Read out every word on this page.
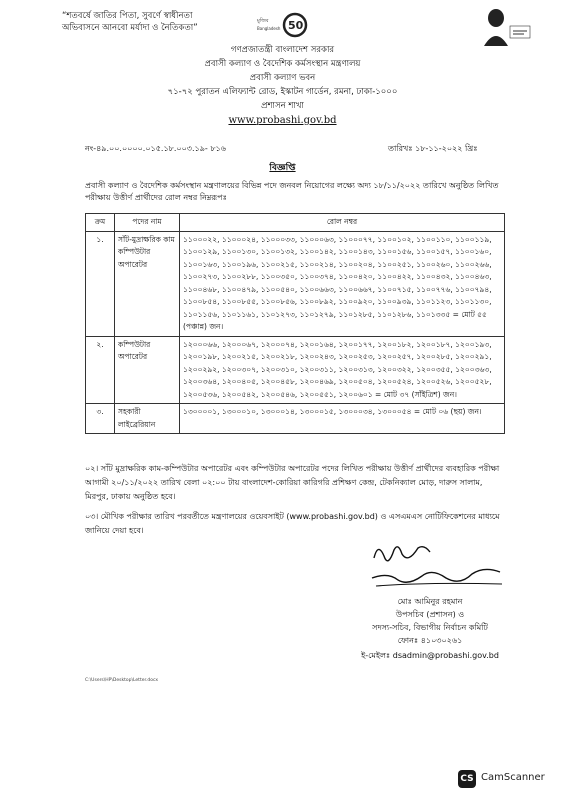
“শতবর্ষে জাতির পিতা, সুবর্ণে স্বাধীনতা
অভিবাসনে আনবো মর্যাদা ও নৈতিকতা”
মুজিব
Bangladesh 50
গণপ্রজাতন্ত্রী বাংলাদেশ সরকার
প্রবাসী কল্যাণ ও বৈদেশিক কর্মসংস্থান মন্ত্রণালয়
প্রবাসী কল্যাণ ভবন
৭১-৭২ পুরাতন এলিফ্যান্ট রোড, ইস্কাটন গার্ডেন, রমনা, ঢাকা-১০০০
প্রশাসন শাখা
www.probashi.gov.bd
নং-৪৯.০০.০০০০.০১৫.১৮.০০৩.১৯- ৮১৬	তারিখঃ ১৮-১১-২০২২ খ্রিঃ
বিজ্ঞপ্তি
প্রবাসী কল্যাণ ও বৈদেশিক কর্মসংস্থান মন্ত্রণালয়ের বিভিন্ন পদে জনবল নিয়োগের লক্ষ্যে অদ্য ১৮/১১/২০২২ তারিখে অনুষ্ঠিত লিখিত পরীক্ষায় উত্তীর্ণ প্রার্থীদের রোল নম্বর নিম্নরূপঃ
ক্রম	পদের নাম	রোল নম্বর
১.	সাঁট-মুদ্রাক্ষরিক কাম কম্পিউটার অপারেটর	১১০০০২২, ১১০০০২৪, ১১০০০৩৩, ১১০০০৬৩, ১১০০০৭৭, ১১০০১০২, ১১০০১১০, ১১০০১১৯, ১১০০১২৯, ১১০০১৩০, ১১০০১৩২, ১১০০১৪২, ১১০০১৪৩, ১১০০১৫৬, ১১০০১৫৭, ১১০০১৬০, ১১০০১৬৩, ১১০০১৯৬, ১১০০২১৫, ১১০০২১৪, ১১০০২০৪, ১১০০২৫১, ১১০০২৬০, ১১০০২৬৬, ১১০০২৭৩, ১১০০২৮৮, ১১০০৩৫০, ১১০০৩৭৪, ১১০০৪২০, ১১০০৪২২, ১১০০৪৩২, ১১০০৪৬৩, ১১০০৪৬৮, ১১০০৪৭৯, ১১০০৫৪০, ১১০০৬৬৩, ১১০০৬৬৭, ১১০০৭১৫, ১১০০৭৭৬, ১১০০৭৯৪, ১১০০৮৫৪, ১১০০৮৫৫, ১১০০৮৫৬, ১১০০৮৯২, ১১০০৯২০, ১১০০৯৩৯, ১১০১১২৩, ১১০১১৩০, ১১০১১৫৬, ১১০১১৬১, ১১০১২৭৩, ১১০১২৭৯, ১১০১২৮৫, ১১০১২৮৬, ১১০১৩৩৫ = মোট ৫৫ (পঞ্চান্ন) জন।
২.	কম্পিউটার অপারেটর	১২০০০৬৬, ১২০০০৬৭, ১২০০০৭৪, ১২০০১৬৪, ১২০০১৭৭, ১২০০১৮২, ১২০০১৮৭, ১২০০১৯৩, ১২০০১৯৮, ১২০০২১৫, ১২০০২১৮, ১২০০২৪৩, ১২০০২৫৩, ১২০০২৫৭, ১২০০২৮৫, ১২০০২৯১, ১২০০২৯২, ১২০০৩০৭, ১২০০৩১০, ১২০০৩১১, ১২০০৩১৩, ১২০০৩২২, ১২০০৩৫৫, ১২০০৩৬৩, ১২০০৩৬৪, ১২০০৪০৫, ১২০০৪৫৮, ১২০০৪৬৯, ১২০০৫০৪, ১২০০৫২৪, ১২০০৫২৬, ১২০০৫২৮, ১২০০৫৩৬, ১২০০৫৪২, ১২০০৫৪৬, ১২০০৫৫১, ১২০০৬০১ = মোট ৩৭ (সাঁইত্রিশ) জন।
৩.	সহকারী লাইব্রেরিয়ান	১৩০০০০১, ১৩০০০১০, ১৩০০০১৪, ১৩০০০১৫, ১৩০০০৩৪, ১৩০০০৫৪ = মোট ০৬ (ছয়) জন।
০২। সাঁট মুদ্রাক্ষরিক কাম-কম্পিউটার অপারেটর এবং কম্পিউটার অপারেটর পদের লিখিত পরীক্ষায় উত্তীর্ণ প্রার্থীদের ব্যবহারিক পরীক্ষা আগামী ২০/১১/২০২২ তারিখ বেলা ০২:০০ টায় বাংলাদেশ-কোরিয়া কারিগরি প্রশিক্ষণ কেন্দ্র, টেকনিক্যাল মোড়, দারুস সালাম, মিরপুর, ঢাকায় অনুষ্ঠিত হবে।
০৩। মৌখিক পরীক্ষার তারিখ পরবর্তীতে মন্ত্রণালয়ের ওয়েবসাইট (www.probashi.gov.bd) ও এসএমএস নোটিফিকেশনের মাধ্যমে জানিয়ে দেয়া হবে।
মোঃ আমিনুর রহমান
উপসচিব (প্রশাসন) ও
সদস্য-সচিব, বিভাগীয় নির্বাচন কমিটি
ফোনঃ ৪১০৩০২৬১
ই-মেইলঃ dsadmin@probashi.gov.bd
C:\Users\HP\Desktop\Letter.docx
CS CamScanner
